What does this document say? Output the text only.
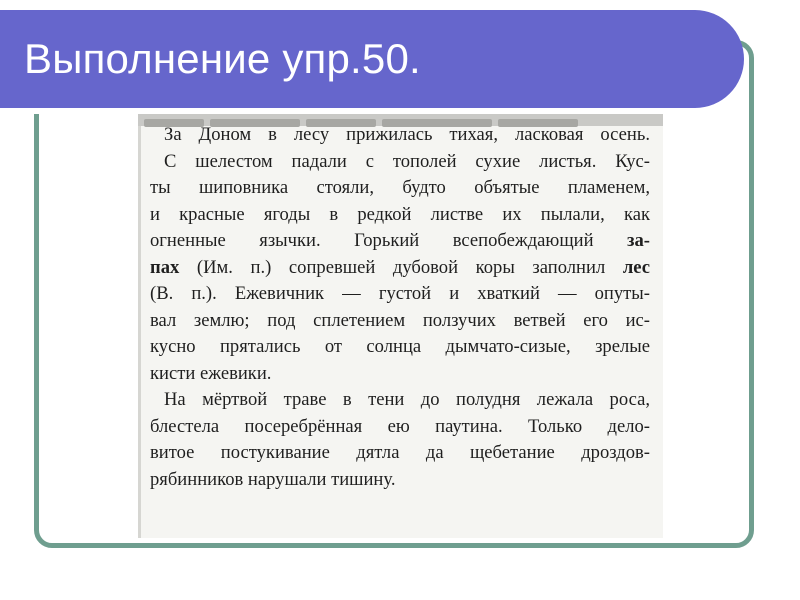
Выполнение упр.50.
За Доном в лесу прижилась тихая, ласковая осень.
С шелестом падали с тополей сухие листья. Кус-
ты шиповника стояли, будто объятые пламенем,
и красные ягоды в редкой листве их пылали, как
огненные язычки. Горький всепобеждающий за-
пах (Им. п.) сопревшей дубовой коры заполнил лес
(В. п.). Ежевичник — густой и хваткий — опуты-
вал землю; под сплетением ползучих ветвей его ис-
кусно прятались от солнца дымчато-сизые, зрелые
кисти ежевики.
На мёртвой траве в тени до полудня лежала роса,
блестела посеребрённая ею паутина. Только дело-
витое постукивание дятла да щебетание дроздов-
рябинников нарушали тишину.
